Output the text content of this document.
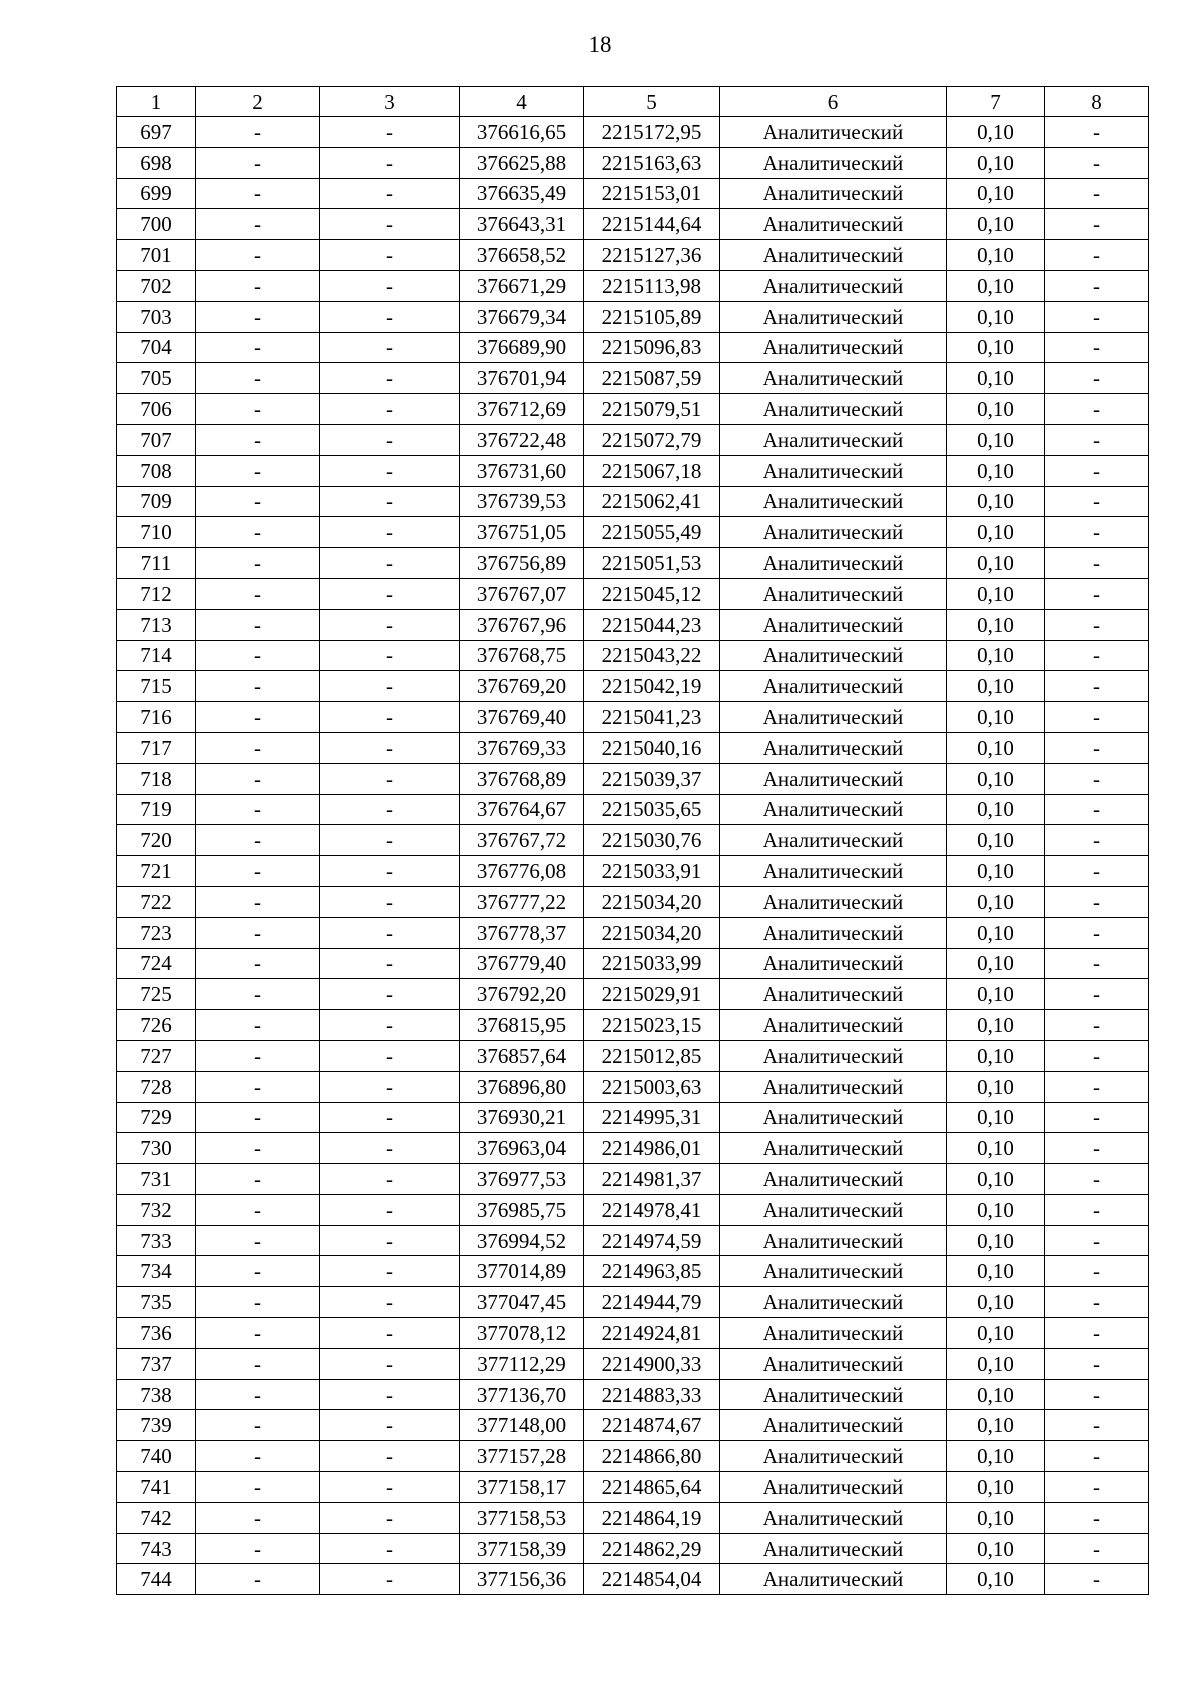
18
1	2	3	4	5	6	7	8
697	-	-	376616,65	2215172,95	Аналитический	0,10	-
698	-	-	376625,88	2215163,63	Аналитический	0,10	-
699	-	-	376635,49	2215153,01	Аналитический	0,10	-
700	-	-	376643,31	2215144,64	Аналитический	0,10	-
701	-	-	376658,52	2215127,36	Аналитический	0,10	-
702	-	-	376671,29	2215113,98	Аналитический	0,10	-
703	-	-	376679,34	2215105,89	Аналитический	0,10	-
704	-	-	376689,90	2215096,83	Аналитический	0,10	-
705	-	-	376701,94	2215087,59	Аналитический	0,10	-
706	-	-	376712,69	2215079,51	Аналитический	0,10	-
707	-	-	376722,48	2215072,79	Аналитический	0,10	-
708	-	-	376731,60	2215067,18	Аналитический	0,10	-
709	-	-	376739,53	2215062,41	Аналитический	0,10	-
710	-	-	376751,05	2215055,49	Аналитический	0,10	-
711	-	-	376756,89	2215051,53	Аналитический	0,10	-
712	-	-	376767,07	2215045,12	Аналитический	0,10	-
713	-	-	376767,96	2215044,23	Аналитический	0,10	-
714	-	-	376768,75	2215043,22	Аналитический	0,10	-
715	-	-	376769,20	2215042,19	Аналитический	0,10	-
716	-	-	376769,40	2215041,23	Аналитический	0,10	-
717	-	-	376769,33	2215040,16	Аналитический	0,10	-
718	-	-	376768,89	2215039,37	Аналитический	0,10	-
719	-	-	376764,67	2215035,65	Аналитический	0,10	-
720	-	-	376767,72	2215030,76	Аналитический	0,10	-
721	-	-	376776,08	2215033,91	Аналитический	0,10	-
722	-	-	376777,22	2215034,20	Аналитический	0,10	-
723	-	-	376778,37	2215034,20	Аналитический	0,10	-
724	-	-	376779,40	2215033,99	Аналитический	0,10	-
725	-	-	376792,20	2215029,91	Аналитический	0,10	-
726	-	-	376815,95	2215023,15	Аналитический	0,10	-
727	-	-	376857,64	2215012,85	Аналитический	0,10	-
728	-	-	376896,80	2215003,63	Аналитический	0,10	-
729	-	-	376930,21	2214995,31	Аналитический	0,10	-
730	-	-	376963,04	2214986,01	Аналитический	0,10	-
731	-	-	376977,53	2214981,37	Аналитический	0,10	-
732	-	-	376985,75	2214978,41	Аналитический	0,10	-
733	-	-	376994,52	2214974,59	Аналитический	0,10	-
734	-	-	377014,89	2214963,85	Аналитический	0,10	-
735	-	-	377047,45	2214944,79	Аналитический	0,10	-
736	-	-	377078,12	2214924,81	Аналитический	0,10	-
737	-	-	377112,29	2214900,33	Аналитический	0,10	-
738	-	-	377136,70	2214883,33	Аналитический	0,10	-
739	-	-	377148,00	2214874,67	Аналитический	0,10	-
740	-	-	377157,28	2214866,80	Аналитический	0,10	-
741	-	-	377158,17	2214865,64	Аналитический	0,10	-
742	-	-	377158,53	2214864,19	Аналитический	0,10	-
743	-	-	377158,39	2214862,29	Аналитический	0,10	-
744	-	-	377156,36	2214854,04	Аналитический	0,10	-
